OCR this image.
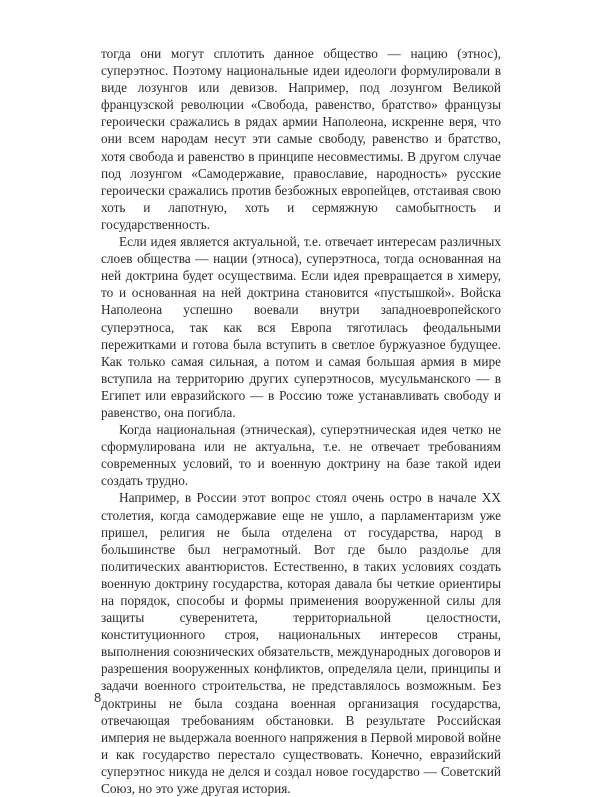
тогда они могут сплотить данное общество — нацию (этнос), суперэтнос. Поэтому национальные идеи идеологи формулировали в виде лозунгов или девизов. Например, под лозунгом Великой французской революции «Свобода, равенство, братство» французы героически сражались в рядах армии Наполеона, искренне веря, что они всем народам несут эти самые свободу, равенство и братство, хотя свобода и равенство в принципе несовместимы. В другом случае под лозунгом «Самодержавие, православие, народность» русские героически сражались против безбожных европейцев, отстаивая свою хоть и лапотную, хоть и сермяжную самобытность и государственность.

Если идея является актуальной, т.е. отвечает интересам различных слоев общества — нации (этноса), суперэтноса, тогда основанная на ней доктрина будет осуществима. Если идея превращается в химеру, то и основанная на ней доктрина становится «пустышкой». Войска Наполеона успешно воевали внутри западноевропейского суперэтноса, так как вся Европа тяготилась феодальными пережитками и готова была вступить в светлое буржуазное будущее. Как только самая сильная, а потом и самая большая армия в мире вступила на территорию других суперэтносов, мусульманского — в Египет или евразийского — в Россию тоже устанавливать свободу и равенство, она погибла.

Когда национальная (этническая), суперэтническая идея четко не сформулирована или не актуальна, т.е. не отвечает требованиям современных условий, то и военную доктрину на базе такой идеи создать трудно.

Например, в России этот вопрос стоял очень остро в начале XX столетия, когда самодержавие еще не ушло, а парламентаризм уже пришел, религия не была отделена от государства, народ в большинстве был неграмотный. Вот где было раздолье для политических авантюристов. Естественно, в таких условиях создать военную доктрину государства, которая давала бы четкие ориентиры на порядок, способы и формы применения вооруженной силы для защиты суверенитета, территориальной целостности, конституционного строя, национальных интересов страны, выполнения союзнических обязательств, международных договоров и разрешения вооруженных конфликтов, определяла цели, принципы и задачи военного строительства, не представлялось возможным. Без доктрины не была создана военная организация государства, отвечающая требованиям обстановки. В результате Российская империя не выдержала военного напряжения в Первой мировой войне и как государство перестало существовать. Конечно, евразийский суперэтнос никуда не делся и создал новое государство — Советский Союз, но это уже другая история.

8
